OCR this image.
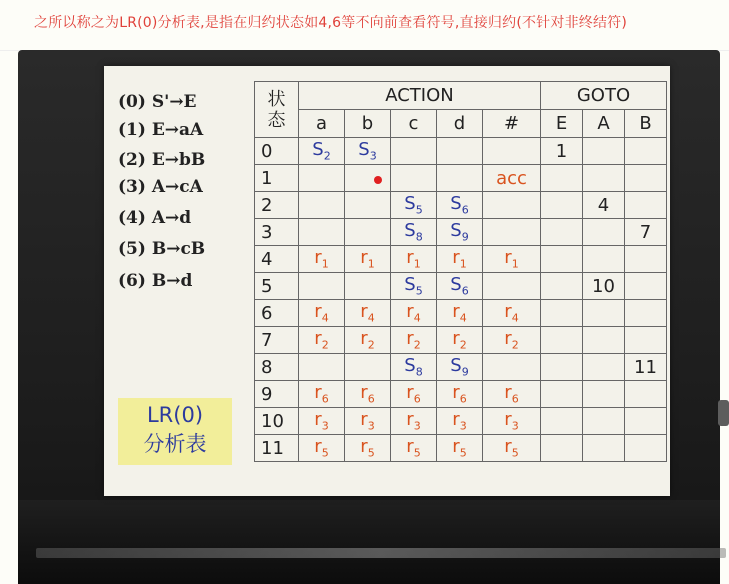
之所以称之为LR(0)分析表,是指在归约状态如4,6等不向前查看符号,直接归约(不针对非终结符)
(0) S'→E
(1) E→aA
(2) E→bB
(3) A→cA
(4) A→d
(5) B→cB
(6) B→d
LR(0)
分析表
状
态	ACTION					GOTO		
	a	b	c	d	#	E	A	B
0	$S_2$	$S_3$				1		
1					acc			
2			$S_5$	$S_6$			4	
3			$S_8$	$S_9$				7
4	$r_1$	$r_1$	$r_1$	$r_1$	$r_1$			
5			$S_5$	$S_6$			10	
6	$r_4$	$r_4$	$r_4$	$r_4$	$r_4$			
7	$r_2$	$r_2$	$r_2$	$r_2$	$r_2$			
8			$S_8$	$S_9$				11
9	$r_6$	$r_6$	$r_6$	$r_6$	$r_6$			
10	$r_3$	$r_3$	$r_3$	$r_3$	$r_3$			
11	$r_5$	$r_5$	$r_5$	$r_5$	$r_5$			
